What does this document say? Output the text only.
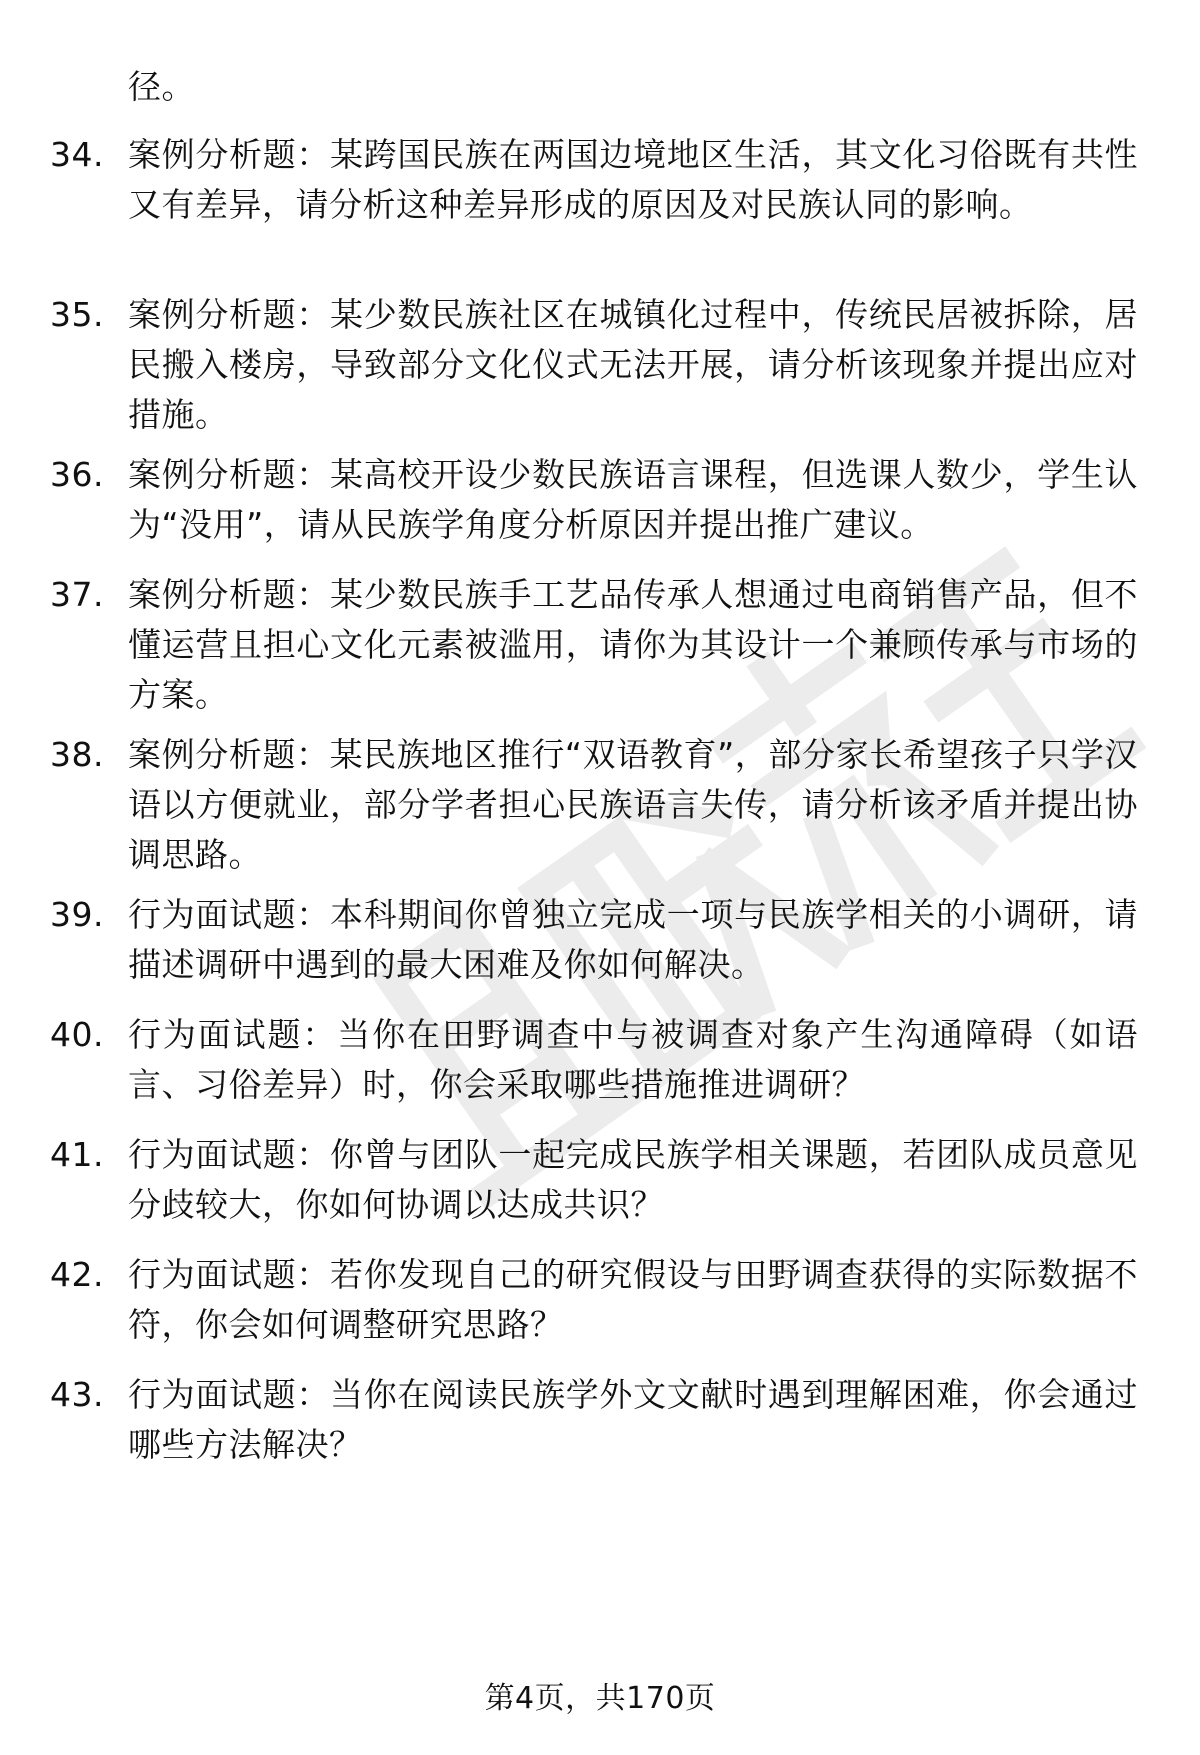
径。
34. 案例分析题：某跨国民族在两国边境地区生活，其文化习俗既有共性又有差异，请分析这种差异形成的原因及对民族认同的影响。
35. 案例分析题：某少数民族社区在城镇化过程中，传统民居被拆除，居民搬入楼房，导致部分文化仪式无法开展，请分析该现象并提出应对措施。
36. 案例分析题：某高校开设少数民族语言课程，但选课人数少，学生认为“没用”，请从民族学角度分析原因并提出推广建议。
37. 案例分析题：某少数民族手工艺品传承人想通过电商销售产品，但不懂运营且担心文化元素被滥用，请你为其设计一个兼顾传承与市场的方案。
38. 案例分析题：某民族地区推行“双语教育”，部分家长希望孩子只学汉语以方便就业，部分学者担心民族语言失传，请分析该矛盾并提出协调思路。
39. 行为面试题：本科期间你曾独立完成一项与民族学相关的小调研，请描述调研中遇到的最大困难及你如何解决。
40. 行为面试题：当你在田野调查中与被调查对象产生沟通障碍（如语言、习俗差异）时，你会采取哪些措施推进调研？
41. 行为面试题：你曾与团队一起完成民族学相关课题，若团队成员意见分歧较大，你如何协调以达成共识？
42. 行为面试题：若你发现自己的研究假设与田野调查获得的实际数据不符，你会如何调整研究思路？
43. 行为面试题：当你在阅读民族学外文文献时遇到理解困难，你会通过哪些方法解决？
第4页，共170页
